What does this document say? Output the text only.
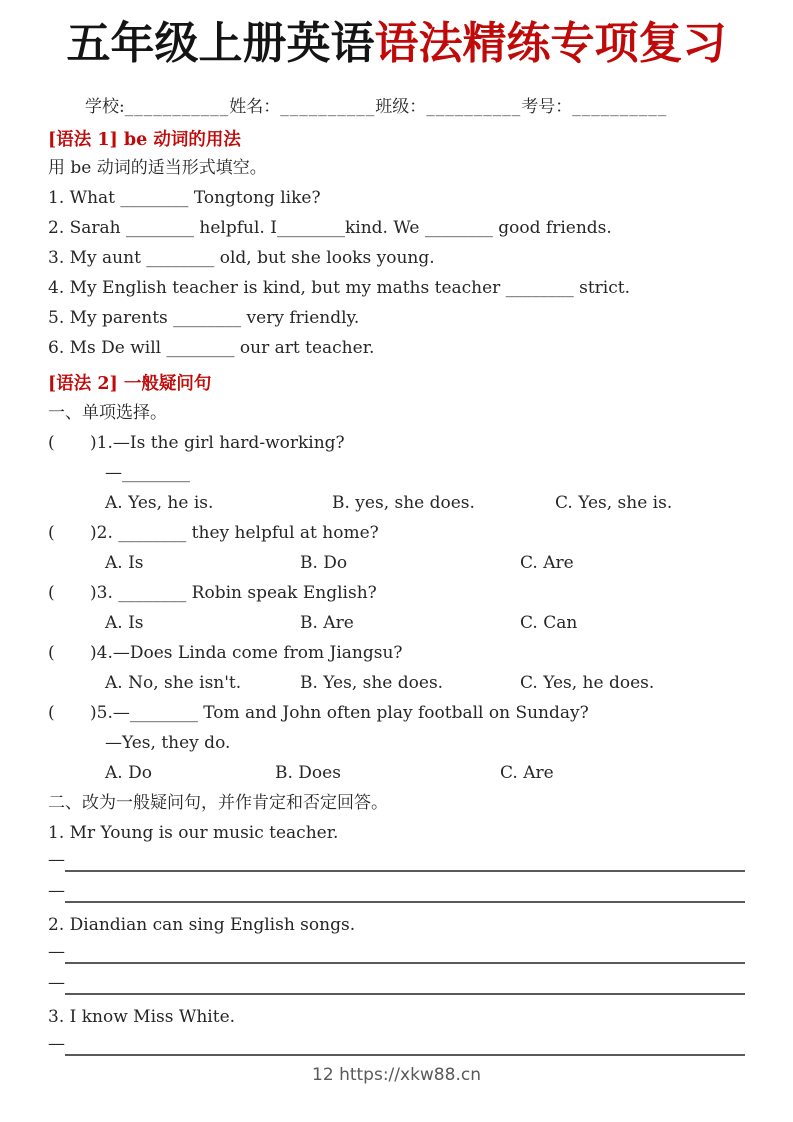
五年级上册英语语法精练专项复习
学校:___________姓名：__________班级：__________考号：__________
[语法 1] be 动词的用法
用 be 动词的适当形式填空。
1. What ________ Tongtong like?
2. Sarah ________ helpful. I________kind. We ________ good friends.
3. My aunt ________ old, but she looks young.
4. My English teacher is kind, but my maths teacher ________ strict.
5. My parents ________ very friendly.
6. Ms De will ________ our art teacher.
[语法 2] 一般疑问句
一、单项选择。
(	)1.—Is the girl hard-working?
—________
A. Yes, he is.	B. yes, she does.	C. Yes, she is.
(	)2. ________ they helpful at home?
A. Is	B. Do	C. Are
(	)3. ________ Robin speak English?
A. Is	B. Are	C. Can
(	)4.—Does Linda come from Jiangsu?
A. No, she isn't.	B. Yes, she does.	C. Yes, he does.
(	)5.—________ Tom and John often play football on Sunday?
—Yes, they do.
A. Do	B. Does	C. Are
二、改为一般疑问句，并作肯定和否定回答。
1. Mr Young is our music teacher.
—
—
2. Diandian can sing English songs.
—
—
3. I know Miss White.
—
12 https://xkw88.cn
